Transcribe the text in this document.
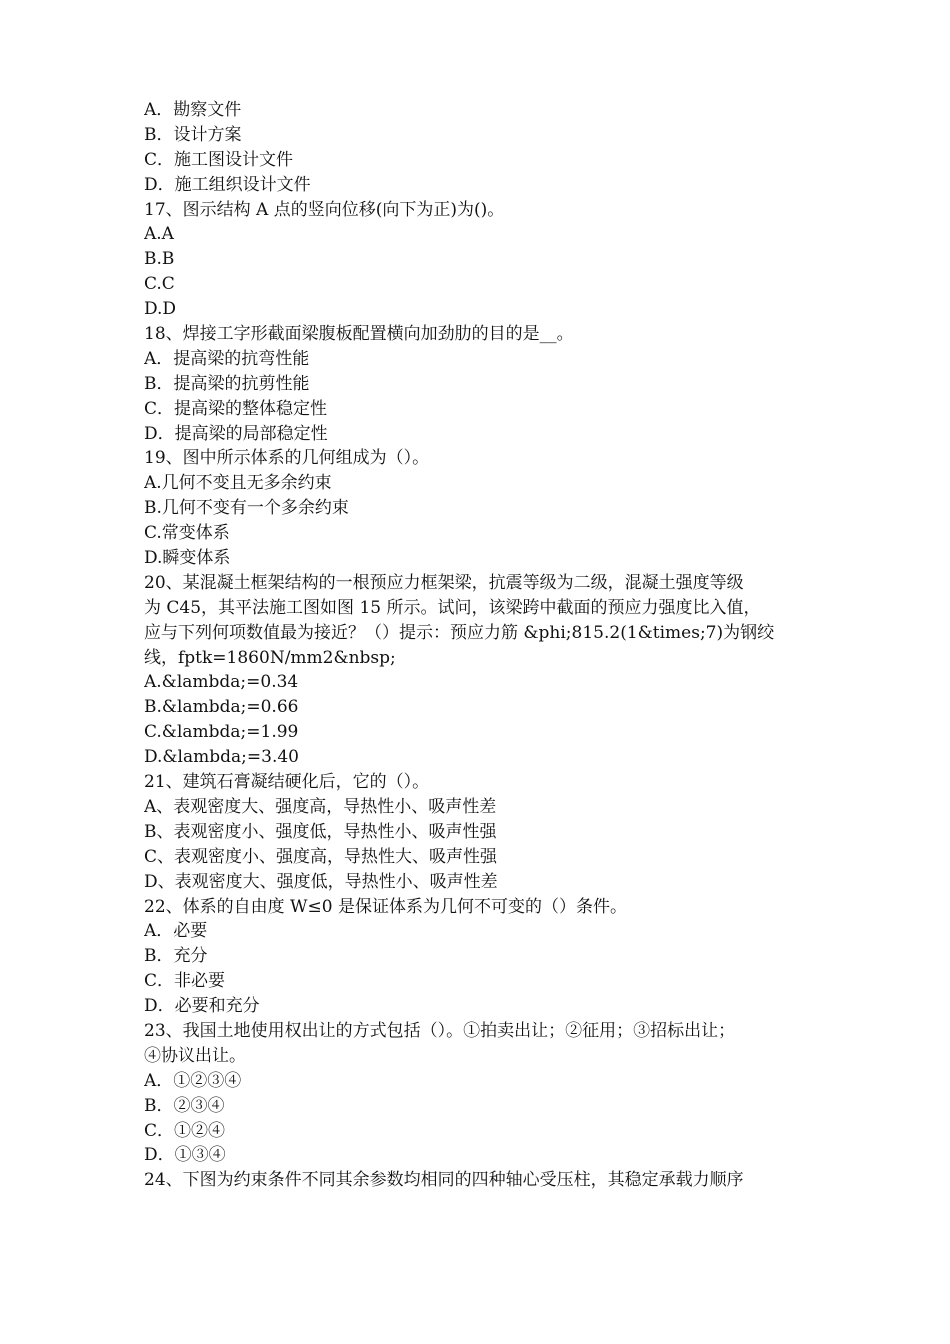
A．勘察文件
B．设计方案
C．施工图设计文件
D．施工组织设计文件
17、图示结构 A 点的竖向位移(向下为正)为()。
A.A
B.B
C.C
D.D
18、焊接工字形截面梁腹板配置横向加劲肋的目的是__。
A．提高梁的抗弯性能
B．提高梁的抗剪性能
C．提高梁的整体稳定性
D．提高梁的局部稳定性
19、图中所示体系的几何组成为（）。
A.几何不变且无多余约束
B.几何不变有一个多余约束
C.常变体系
D.瞬变体系
20、某混凝土框架结构的一根预应力框架梁，抗震等级为二级，混凝土强度等级
为 C45，其平法施工图如图 15 所示。试问，该梁跨中截面的预应力强度比入值，
应与下列何项数值最为接近？（）提示：预应力筋 &phi;815.2(1&times;7)为钢绞
线，fptk=1860N/mm2&nbsp;
A.&lambda;=0.34
B.&lambda;=0.66
C.&lambda;=1.99
D.&lambda;=3.40
21、建筑石膏凝结硬化后，它的（）。
A、表观密度大、强度高，导热性小、吸声性差
B、表观密度小、强度低，导热性小、吸声性强
C、表观密度小、强度高，导热性大、吸声性强
D、表观密度大、强度低，导热性小、吸声性差
22、体系的自由度 W≤0 是保证体系为几何不可变的（）条件。
A．必要
B．充分
C．非必要
D．必要和充分
23、我国土地使用权出让的方式包括（）。①拍卖出让；②征用；③招标出让；
④协议出让。
A．①②③④
B．②③④
C．①②④
D．①③④
24、下图为约束条件不同其余参数均相同的四种轴心受压柱，其稳定承载力顺序
